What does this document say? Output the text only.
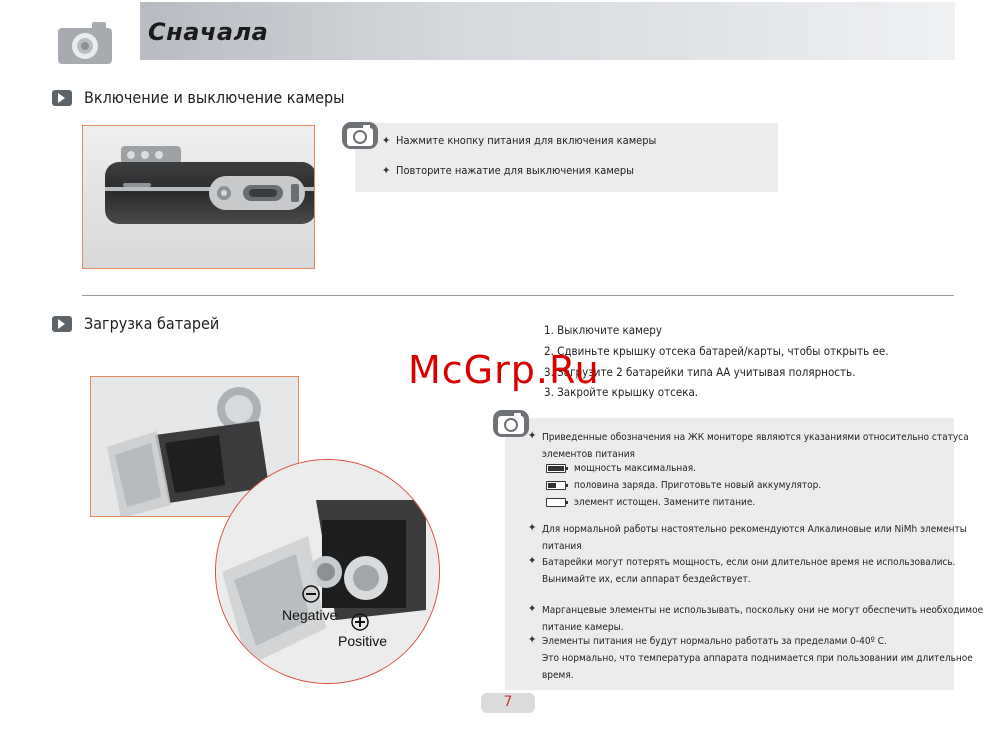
Сначала
Включение и выключение камеры
✦ Нажмите кнопку питания для включения камеры
✦ Повторите нажатие для выключения камеры
Загрузка батарей	1. Выключите камеру
2. Сдвиньте крышку отсека батарей/карты, чтобы открыть ее.
3. Загрузите 2 батарейки типа АА учитывая полярность.
3. Закройте крышку отсека.
Negative
Positive
✦ Приведенные обозначения на ЖК мониторе являются указаниями относительно статуса
элементов питания
мощность максимальная.
половина заряда. Приготовьте новый аккумулятор.
элемент истощен. Замените питание.
✦ Для нормальной работы настоятельно рекомендуются Алкалиновые или NiMh элементы
питания
✦ Батарейки могут потерять мощность, если они длительное время не использовались.
Вынимайте их, если аппарат бездействует.
✦ Марганцевые элементы не использывать, поскольку они не могут обеспечить необходимое
питание камеры.
✦ Элементы питания не будут нормально работать за пределами 0-40º С.
Это нормально, что температура аппарата поднимается при пользовании им длительное
время.
McGrp.Ru
7
